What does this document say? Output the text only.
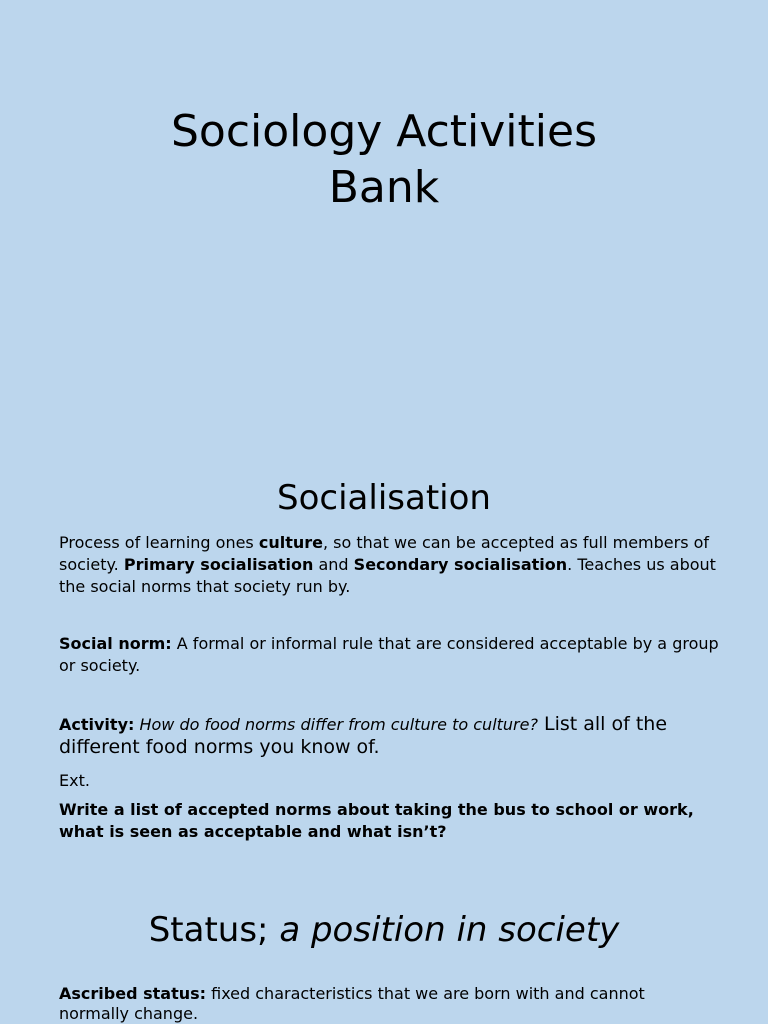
Sociology Activities
Bank
Socialisation
Process of learning ones culture, so that we can be accepted as full members of society. Primary socialisation and Secondary socialisation. Teaches us about the social norms that society run by.
Social norm: A formal or informal rule that are considered acceptable by a group or society.
Activity: How do food norms differ from culture to culture? List all of the different food norms you know of.
Ext.
Write a list of accepted norms about taking the bus to school or work, what is seen as acceptable and what isn’t?
Status; a position in society
Ascribed status: fixed characteristics that we are born with and cannot normally change.
